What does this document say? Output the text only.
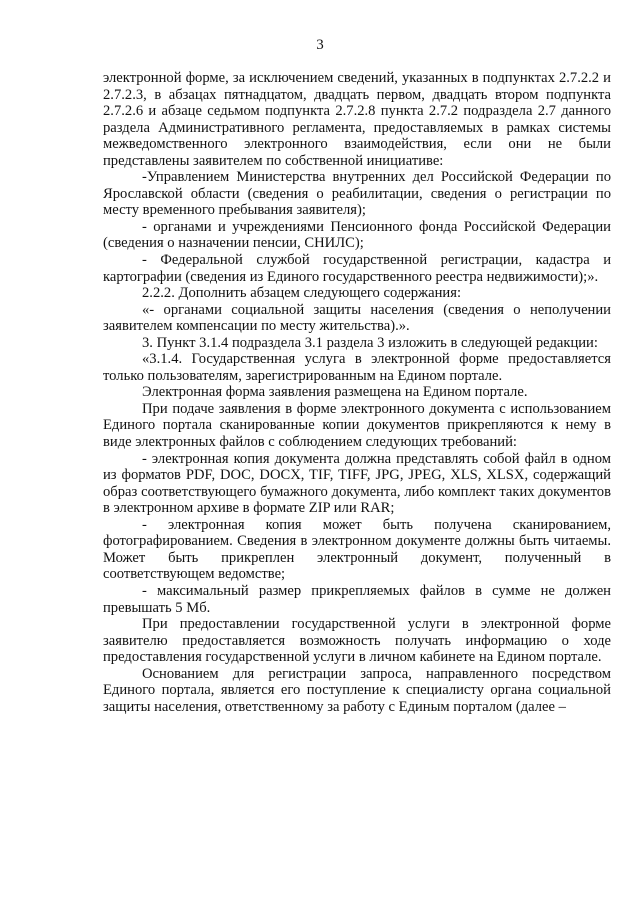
3

электронной форме, за исключением сведений, указанных в подпунктах 2.7.2.2 и 2.7.2.3, в абзацах пятнадцатом, двадцать первом, двадцать втором подпункта 2.7.2.6 и абзаце седьмом подпункта 2.7.2.8 пункта 2.7.2 подраздела 2.7 данного раздела Административного регламента, предоставляемых в рамках системы межведомственного электронного взаимодействия, если они не были представлены заявителем по собственной инициативе:

-Управлением Министерства внутренних дел Российской Федерации по Ярославской области (сведения о реабилитации, сведения о регистрации по месту временного пребывания заявителя);

- органами и учреждениями Пенсионного фонда Российской Федерации (сведения о назначении пенсии, СНИЛС);

- Федеральной службой государственной регистрации, кадастра и картографии (сведения из Единого государственного реестра недвижимости);».

2.2.2. Дополнить абзацем следующего содержания:

«- органами социальной защиты населения (сведения о неполучении заявителем компенсации по месту жительства).».

3. Пункт 3.1.4 подраздела 3.1 раздела 3 изложить в следующей редакции:

«3.1.4. Государственная услуга в электронной форме предоставляется только пользователям, зарегистрированным на Едином портале.

Электронная форма заявления размещена на Едином портале.

При подаче заявления в форме электронного документа с использованием Единого портала сканированные копии документов прикрепляются к нему в виде электронных файлов с соблюдением следующих требований:

- электронная копия документа должна представлять собой файл в одном из форматов PDF, DOC, DOCX, TIF, TIFF, JPG, JPEG, XLS, XLSX, содержащий образ соответствующего бумажного документа, либо комплект таких документов в электронном архиве в формате ZIP или RAR;

- электронная копия может быть получена сканированием, фотографированием. Сведения в электронном документе должны быть читаемы. Может быть прикреплен электронный документ, полученный в соответствующем ведомстве;

- максимальный размер прикрепляемых файлов в сумме не должен превышать 5 Мб.

При предоставлении государственной услуги в электронной форме заявителю предоставляется возможность получать информацию о ходе предоставления государственной услуги в личном кабинете на Едином портале.

Основанием для регистрации запроса, направленного посредством Единого портала, является его поступление к специалисту органа социальной защиты населения, ответственному за работу с Единым порталом (далее –
